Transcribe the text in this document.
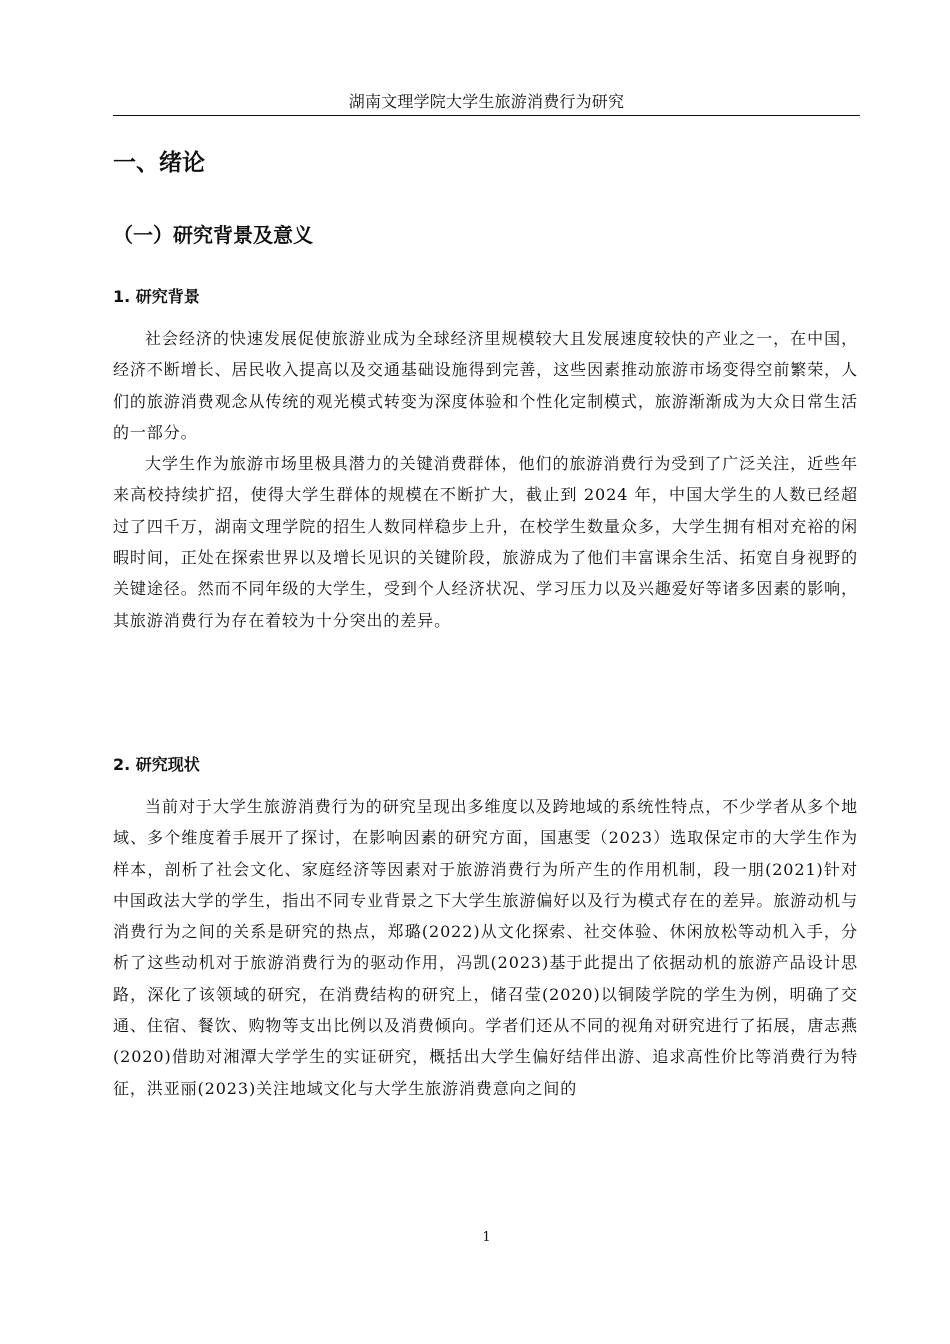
湖南文理学院大学生旅游消费行为研究
一、绪论
（一）研究背景及意义
1. 研究背景

社会经济的快速发展促使旅游业成为全球经济里规模较大且发展速度较快的产业之一，在中国，经济不断增长、居民收入提高以及交通基础设施得到完善，这些因素推动旅游市场变得空前繁荣，人们的旅游消费观念从传统的观光模式转变为深度体验和个性化定制模式，旅游渐渐成为大众日常生活的一部分。

大学生作为旅游市场里极具潜力的关键消费群体，他们的旅游消费行为受到了广泛关注，近些年来高校持续扩招，使得大学生群体的规模在不断扩大，截止到 2024 年，中国大学生的人数已经超过了四千万，湖南文理学院的招生人数同样稳步上升，在校学生数量众多，大学生拥有相对充裕的闲暇时间，正处在探索世界以及增长见识的关键阶段，旅游成为了他们丰富课余生活、拓宽自身视野的关键途径。然而不同年级的大学生，受到个人经济状况、学习压力以及兴趣爱好等诸多因素的影响，其旅游消费行为存在着较为十分突出的差异。

2. 研究现状

当前对于大学生旅游消费行为的研究呈现出多维度以及跨地域的系统性特点，不少学者从多个地域、多个维度着手展开了探讨，在影响因素的研究方面，国惠雯（2023）选取保定市的大学生作为样本，剖析了社会文化、家庭经济等因素对于旅游消费行为所产生的作用机制，段一朋(2021)针对中国政法大学的学生，指出不同专业背景之下大学生旅游偏好以及行为模式存在的差异。旅游动机与消费行为之间的关系是研究的热点，郑璐(2022)从文化探索、社交体验、休闲放松等动机入手，分析了这些动机对于旅游消费行为的驱动作用，冯凯(2023)基于此提出了依据动机的旅游产品设计思路，深化了该领域的研究，在消费结构的研究上，储召莹(2020)以铜陵学院的学生为例，明确了交通、住宿、餐饮、购物等支出比例以及消费倾向。学者们还从不同的视角对研究进行了拓展，唐志燕(2020)借助对湘潭大学学生的实证研究，概括出大学生偏好结伴出游、追求高性价比等消费行为特征，洪亚丽(2023)关注地域文化与大学生旅游消费意向之间的

1
